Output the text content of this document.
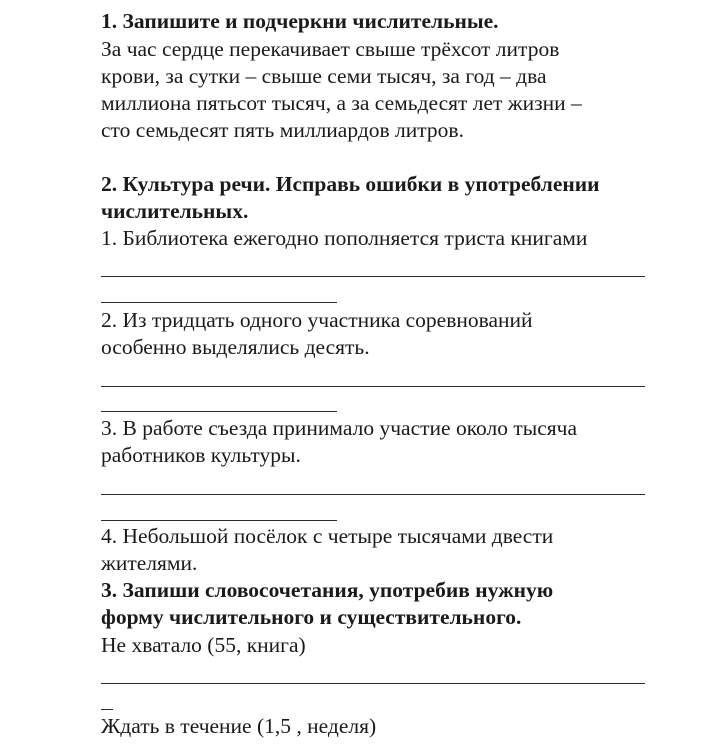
1. Запишите и подчеркни числительные.

За час сердце перекачивает свыше трёхсот литров

крови, за сутки – свыше семи тысяч, за год – два

миллиона пятьсот тысяч, а за семьдесят лет жизни –

сто семьдесят пять миллиардов литров.

2. Культура речи. Исправь ошибки в употреблении

числительных.

1. Библиотека ежегодно пополняется триста книгами

2. Из тридцать одного участника соревнований

особенно выделялись десять.

3. В работе съезда принимало участие около тысяча

работников культуры.

4. Небольшой посёлок с четыре тысячами двести

жителями.

3. Запиши словосочетания, употребив нужную

форму числительного и существительного.

Не хватало (55, книга)

Ждать в течение (1,5 , неделя)
